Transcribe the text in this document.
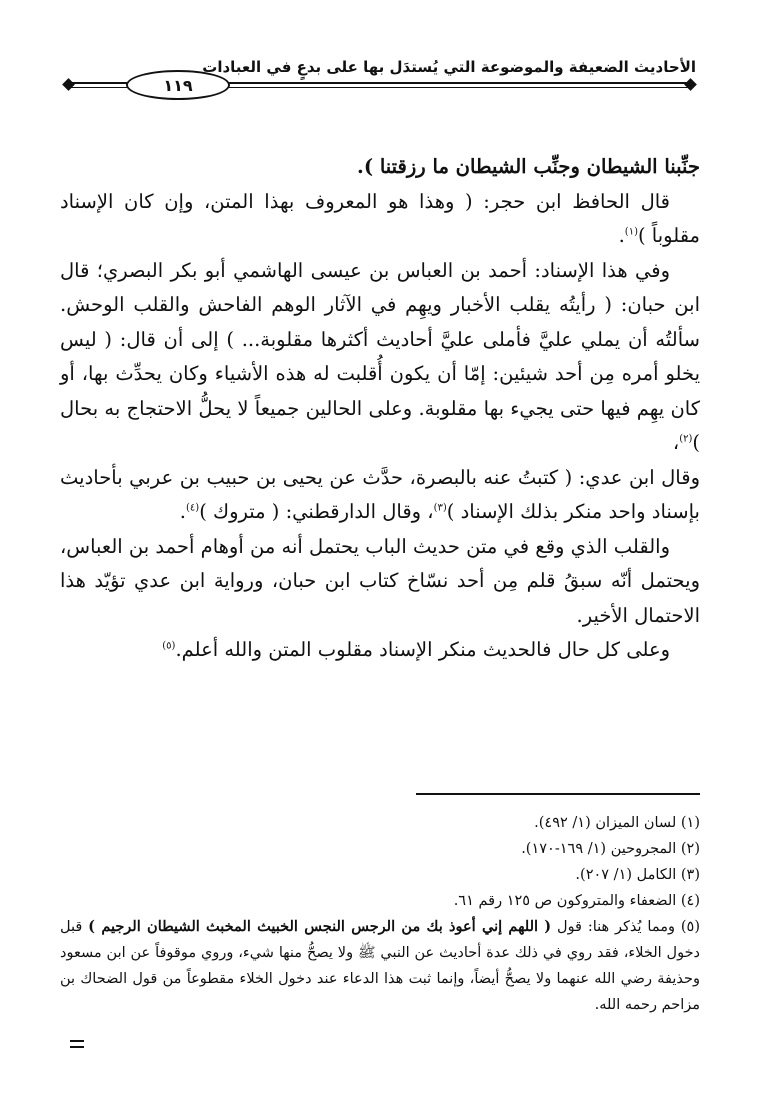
١١٩
الأحاديث الضعيفة والموضوعة التي يُستدَل بها على بدعٍ في العبادات

جنِّبنا الشيطان وجنِّب الشيطان ما رزقتنا ).

قال الحافظ ابن حجر: ( وهذا هو المعروف بهذا المتن، وإن كان الإسناد مقلوباً )$^{(١)}$.

وفي هذا الإسناد: أحمد بن العباس بن عيسى الهاشمي أبو بكر البصري؛ قال ابن حبان: ( رأيتُه يقلب الأخبار ويهِم في الآثار الوهم الفاحش والقلب الوحش. سألتُه أن يملي عليَّ فأملى عليَّ أحاديث أكثرها مقلوبة... ) إلى أن قال: ( ليس يخلو أمره مِن أحد شيئين: إمّا أن يكون أُقلبت له هذه الأشياء وكان يحدِّث بها، أو كان يهِم فيها حتى يجيء بها مقلوبة. وعلى الحالين جميعاً لا يحلُّ الاحتجاج به بحال )$^{(٢)}$،

وقال ابن عدي: ( كتبتُ عنه بالبصرة، حدَّث عن يحيى بن حبيب بن عربي بأحاديث بإسناد واحد منكر بذلك الإسناد )$^{(٣)}$، وقال الدارقطني: ( متروك )$^{(٤)}$.

والقلب الذي وقع في متن حديث الباب يحتمل أنه من أوهام أحمد بن العباس، ويحتمل أنّه سبقُ قلم مِن أحد نسّاخ كتاب ابن حبان، ورواية ابن عدي تؤيّد هذا الاحتمال الأخير.

وعلى كل حال فالحديث منكر الإسناد مقلوب المتن والله أعلم.$^{(٥)}$

(١) لسان الميزان (١/ ٤٩٢).

(٢) المجروحين (١/ ١٦٩-١٧٠).

(٣) الكامل (١/ ٢٠٧).

(٤) الضعفاء والمتروكون ص ١٢٥ رقم ٦١.

(٥) ومما يُذكر هنا: قول ( اللهم إني أعوذ بك من الرجس النجس الخبيث المخبث الشيطان الرجيم ) قبل دخول الخلاء، فقد روي في ذلك عدة أحاديث عن النبي ﷺ ولا يصحُّ منها شيء، وروي موقوفاً عن ابن مسعود وحذيفة رضي الله عنهما ولا يصحُّ أيضاً، وإنما ثبت هذا الدعاء عند دخول الخلاء مقطوعاً من قول الضحاك بن مزاحم رحمه الله.
